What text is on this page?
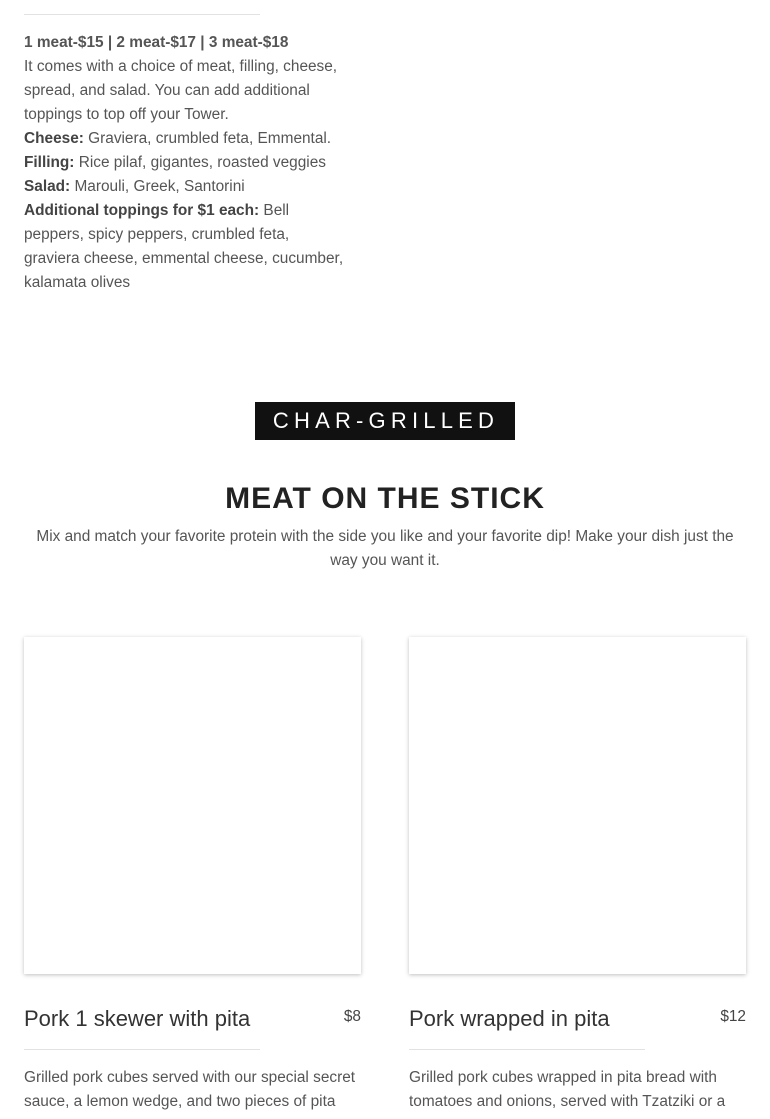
1 meat-$15 | 2 meat-$17 | 3 meat-$18

It comes with a choice of meat, filling, cheese, spread, and salad. You can add additional toppings to top off your Tower.

Cheese: Graviera, crumbled feta, Emmental.

Filling: Rice pilaf, gigantes, roasted veggies

Salad: Marouli, Greek, Santorini

Additional toppings for $1 each: Bell peppers, spicy peppers, crumbled feta, graviera cheese, emmental cheese, cucumber, kalamata olives

CHAR-GRILLED
MEAT ON THE STICK

Mix and match your favorite protein with the side you like and your favorite dip! Make your dish just the way you want it.

Pork 1 skewer with pita	$8
Grilled pork cubes served with our special secret sauce, a lemon wedge, and two pieces of pita
Pork wrapped in pita	$12
Grilled pork cubes wrapped in pita bread with tomatoes and onions, served with Tzatziki or a
